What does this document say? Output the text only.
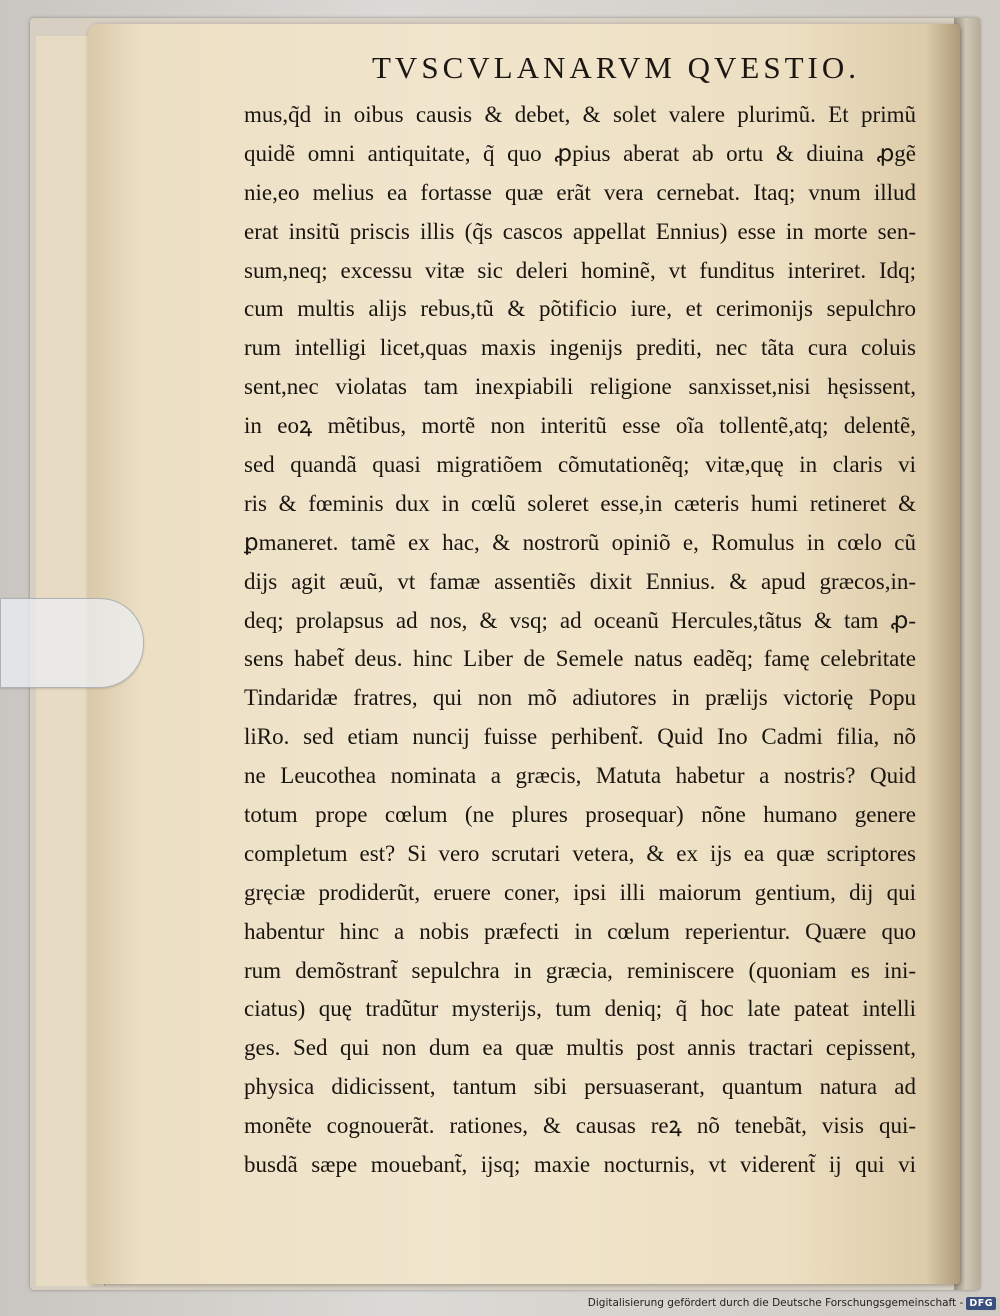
TVSCVLANARVM QVESTIO.
mus,q̃d in oibus causis & debet, & solet valere plurimũ. Et primũ
quidẽ omni antiquitate, q̃ quo ꝓpius aberat ab ortu & diuina ꝓgẽ
nie,eo melius ea fortasse quæ erãt vera cernebat. Itaq; vnum illud
erat insitũ priscis illis (q̃s cascos appellat Ennius) esse in morte sen-
sum,neq; excessu vitæ sic deleri hominẽ, vt funditus interiret. Idq;
cum multis alijs rebus,tũ & põtificio iure, et cerimonijs sepulchro
rum intelligi licet,quas maxis ingenijs prediti, nec tãta cura coluis
sent,nec violatas tam inexpiabili religione sanxisset,nisi hęsissent,
in eoꝝ mẽtibus, mortẽ non interitũ esse oĩa tollentẽ,atq; delentẽ,
sed quandã quasi migratiõem cõmutationẽq; vitæ,quę in claris vi
ris & fœminis dux in cœlũ soleret esse,in cæteris humi retineret &
ꝑmaneret. tamẽ ex hac, & nostrorũ opiniõ e, Romulus in cœlo cũ
dijs agit æuũ, vt famæ assentiẽs dixit Ennius. & apud græcos,in-
deq; prolapsus ad nos, & vsq; ad oceanũ Hercules,tãtus & tam ꝓ-
sens habet̃ deus. hinc Liber de Semele natus eadẽq; famę celebritate
Tindaridæ fratres, qui non mõ adiutores in prælijs victorię Popu
liRo. sed etiam nuncij fuisse perhibent̃. Quid Ino Cadmi filia, nõ
ne Leucothea nominata a græcis, Matuta habetur a nostris? Quid
totum prope cœlum (ne plures prosequar) nõne humano genere
completum est? Si vero scrutari vetera, & ex ijs ea quæ scriptores
gręciæ prodiderũt, eruere coner, ipsi illi maiorum gentium, dij qui
habentur hinc a nobis præfecti in cœlum reperientur. Quære quo
rum demõstrant̃ sepulchra in græcia, reminiscere (quoniam es ini-
ciatus) quę tradũtur mysterijs, tum deniq; q̃ hoc late pateat intelli
ges. Sed qui non dum ea quæ multis post annis tractari cepissent,
physica didicissent, tantum sibi persuaserant, quantum natura ad
monẽte cognouerãt. rationes, & causas reꝝ nõ tenebãt, visis qui-
busdã sæpe mouebant̃, ijsq; maxie nocturnis, vt viderent̃ ij qui vi
Digitalisierung gefördert durch die Deutsche Forschungsgemeinschaft - DFG
